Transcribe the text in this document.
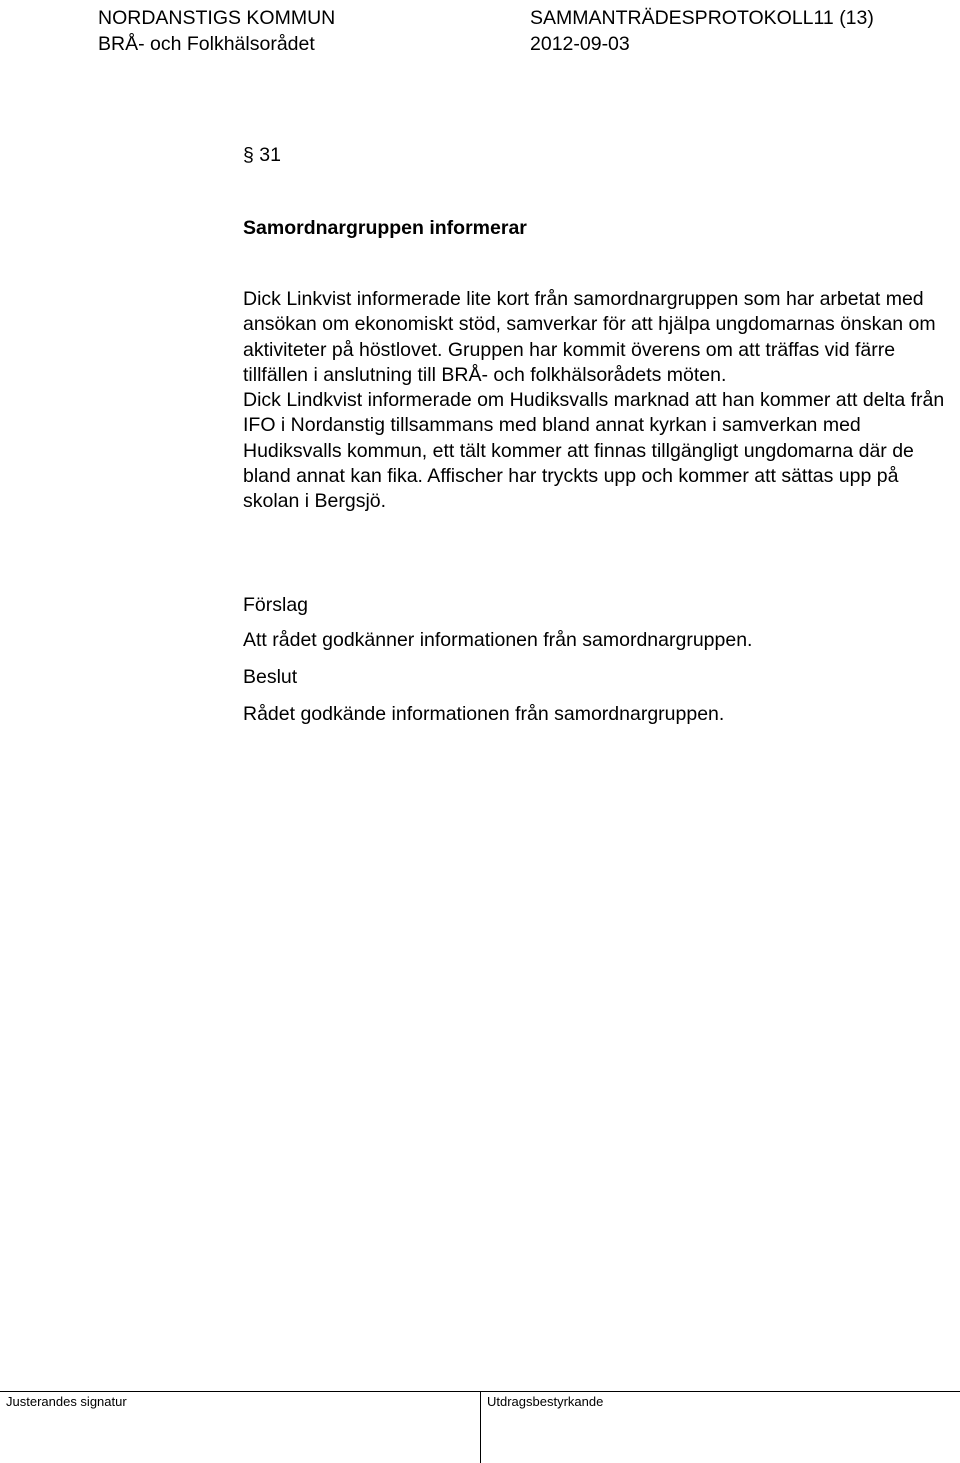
NORDANSTIGS KOMMUN	SAMMANTRÄDESPROTOKOLL11 (13)
BRÅ- och Folkhälsorådet	2012-09-03
§ 31
Samordnargruppen informerar

Dick Linkvist informerade lite kort från samordnargruppen som har arbetat med ansökan om ekonomiskt stöd, samverkar för att hjälpa ungdomarnas önskan om aktiviteter på höstlovet. Gruppen har kommit överens om att träffas vid färre tillfällen i anslutning till BRÅ- och folkhälsorådets möten.

Dick Lindkvist informerade om Hudiksvalls marknad att han kommer att delta från IFO i Nordanstig tillsammans med bland annat kyrkan i samverkan med Hudiksvalls kommun, ett tält kommer att finnas tillgängligt ungdomarna där de bland annat kan fika. Affischer har tryckts upp och kommer att sättas upp på skolan i Bergsjö.

Förslag
Att rådet godkänner informationen från samordnargruppen.
Beslut
Rådet godkände informationen från samordnargruppen.
Justerandes signatur	Utdragsbestyrkande
